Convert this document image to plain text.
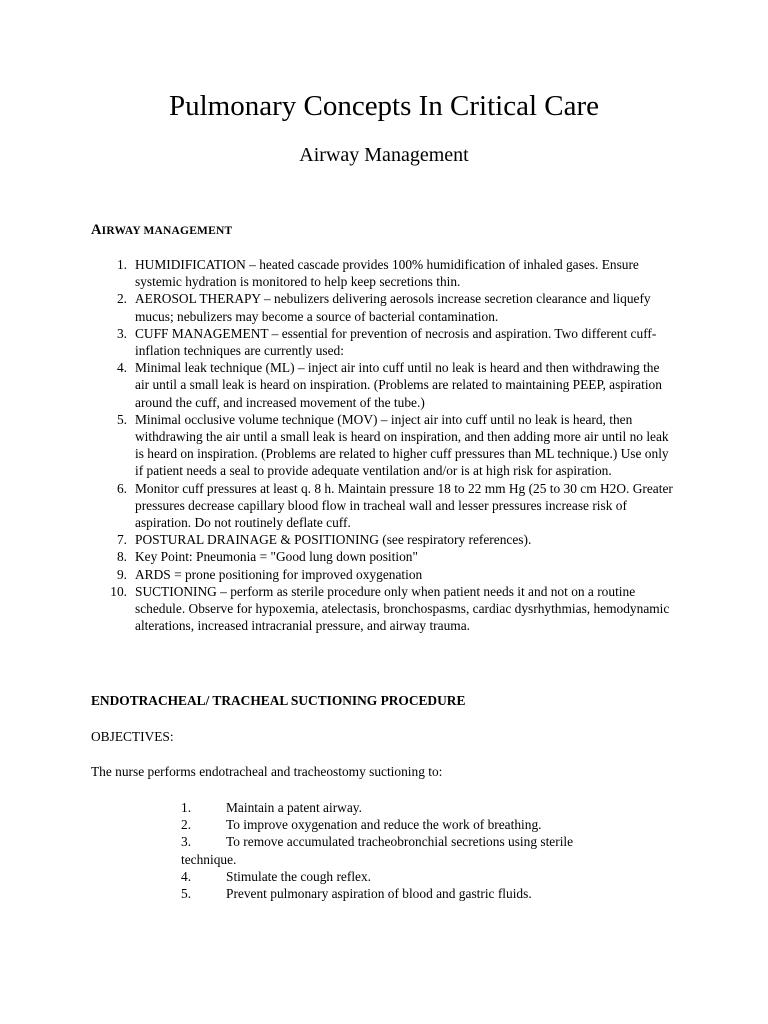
Pulmonary Concepts In Critical Care
Airway Management
AIRWAY MANAGEMENT
1. HUMIDIFICATION – heated cascade provides 100% humidification of inhaled gases. Ensure systemic hydration is monitored to help keep secretions thin.
2. AEROSOL THERAPY – nebulizers delivering aerosols increase secretion clearance and liquefy mucus; nebulizers may become a source of bacterial contamination.
3. CUFF MANAGEMENT – essential for prevention of necrosis and aspiration. Two different cuff-inflation techniques are currently used:
4. Minimal leak technique (ML) – inject air into cuff until no leak is heard and then withdrawing the air until a small leak is heard on inspiration. (Problems are related to maintaining PEEP, aspiration around the cuff, and increased movement of the tube.)
5. Minimal occlusive volume technique (MOV) – inject air into cuff until no leak is heard, then withdrawing the air until a small leak is heard on inspiration, and then adding more air until no leak is heard on inspiration. (Problems are related to higher cuff pressures than ML technique.) Use only if patient needs a seal to provide adequate ventilation and/or is at high risk for aspiration.
6. Monitor cuff pressures at least q. 8 h. Maintain pressure 18 to 22 mm Hg (25 to 30 cm H2O. Greater pressures decrease capillary blood flow in tracheal wall and lesser pressures increase risk of aspiration. Do not routinely deflate cuff.
7. POSTURAL DRAINAGE & POSITIONING (see respiratory references).
8. Key Point: Pneumonia = "Good lung down position"
9. ARDS = prone positioning for improved oxygenation
10. SUCTIONING – perform as sterile procedure only when patient needs it and not on a routine schedule. Observe for hypoxemia, atelectasis, bronchospasms, cardiac dysrhythmias, hemodynamic alterations, increased intracranial pressure, and airway trauma.
ENDOTRACHEAL/ TRACHEAL SUCTIONING PROCEDURE
OBJECTIVES:
The nurse performs endotracheal and tracheostomy suctioning to:
1.	Maintain a patent airway.
2.	To improve oxygenation and reduce the work of breathing.
3.	To remove accumulated tracheobronchial secretions using sterile
technique.
4.	Stimulate the cough reflex.
5.	Prevent pulmonary aspiration of blood and gastric fluids.
